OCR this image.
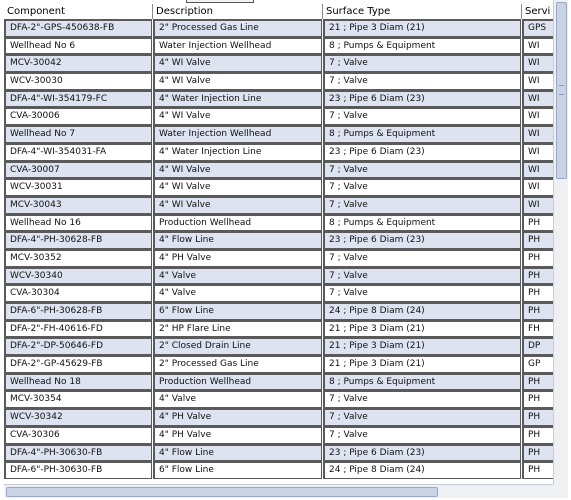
Component	Description	Surface Type	Servi
DFA-2"-GPS-450638-FB	2" Processed Gas Line	21 ; Pipe 3 Diam (21)	GPS
Wellhead No 6	Water Injection Wellhead	8 ; Pumps & Equipment	WI
MCV-30042	4" WI Valve	7 ; Valve	WI
WCV-30030	4" WI Valve	7 ; Valve	WI
DFA-4"-WI-354179-FC	4" Water Injection Line	23 ; Pipe 6 Diam (23)	WI
CVA-30006	4" WI Valve	7 ; Valve	WI
Wellhead No 7	Water Injection Wellhead	8 ; Pumps & Equipment	WI
DFA-4"-WI-354031-FA	4" Water Injection Line	23 ; Pipe 6 Diam (23)	WI
CVA-30007	4" WI Valve	7 ; Valve	WI
WCV-30031	4" WI Valve	7 ; Valve	WI
MCV-30043	4" WI Valve	7 ; Valve	WI
Wellhead No 16	Production Wellhead	8 ; Pumps & Equipment	PH
DFA-4"-PH-30628-FB	4" Flow Line	23 ; Pipe 6 Diam (23)	PH
MCV-30352	4" PH Valve	7 ; Valve	PH
WCV-30340	4" Valve	7 ; Valve	PH
CVA-30304	4" Valve	7 ; Valve	PH
DFA-6"-PH-30628-FB	6" Flow Line	24 ; Pipe 8 Diam (24)	PH
DFA-2"-FH-40616-FD	2" HP Flare Line	21 ; Pipe 3 Diam (21)	FH
DFA-2"-DP-50646-FD	2" Closed Drain Line	21 ; Pipe 3 Diam (21)	DP
DFA-2"-GP-45629-FB	2" Processed Gas Line	21 ; Pipe 3 Diam (21)	GP
Wellhead No 18	Production Wellhead	8 ; Pumps & Equipment	PH
MCV-30354	4" Valve	7 ; Valve	PH
WCV-30342	4" PH Valve	7 ; Valve	PH
CVA-30306	4" PH Valve	7 ; Valve	PH
DFA-4"-PH-30630-FB	4" Flow Line	23 ; Pipe 6 Diam (23)	PH
DFA-6"-PH-30630-FB	6" Flow Line	24 ; Pipe 8 Diam (24)	PH
